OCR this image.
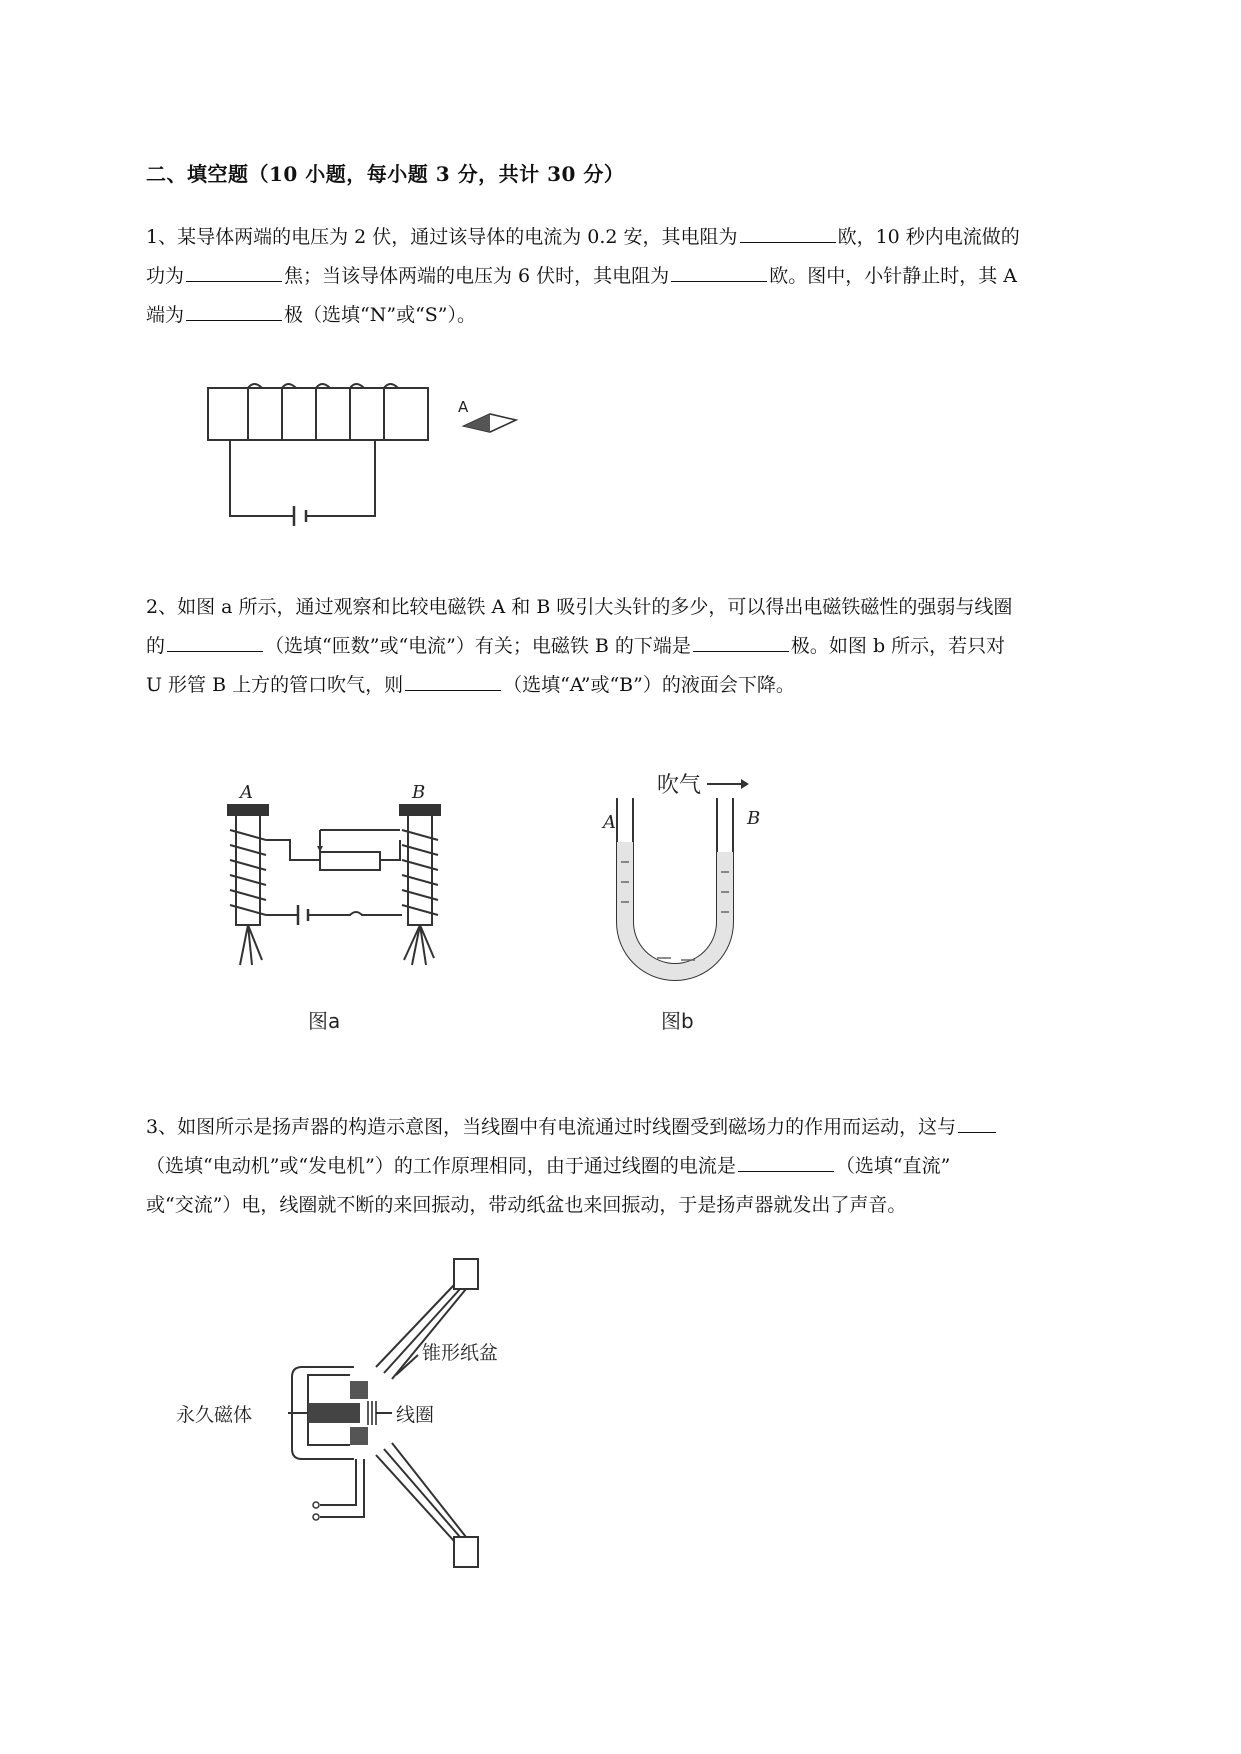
二、填空题（10 小题，每小题 3 分，共计 30 分）
1、某导体两端的电压为 2 伏，通过该导体的电流为 0.2 安，其电阻为	欧，10 秒内电流做的
功为	焦；当该导体两端的电压为 6 伏时，其电阻为	欧。图中，小针静止时，其 A
端为	极（选填“N”或“S”）。
A
2、如图 a 所示，通过观察和比较电磁铁 A 和 B 吸引大头针的多少，可以得出电磁铁磁性的强弱与线圈
的	（选填“匝数”或“电流”）有关；电磁铁 B 的下端是	极。如图 b 所示，若只对
U 形管 B 上方的管口吹气，则	（选填“A”或“B”）的液面会下降。
A	B
图a
吹气
A	B
图b
3、如图所示是扬声器的构造示意图，当线圈中有电流通过时线圈受到磁场力的作用而运动，这与
（选填“电动机”或“发电机”）的工作原理相同，由于通过线圈的电流是	（选填“直流”
或“交流”）电，线圈就不断的来回振动，带动纸盆也来回振动，于是扬声器就发出了声音。
锥形纸盆
永久磁体	线圈
